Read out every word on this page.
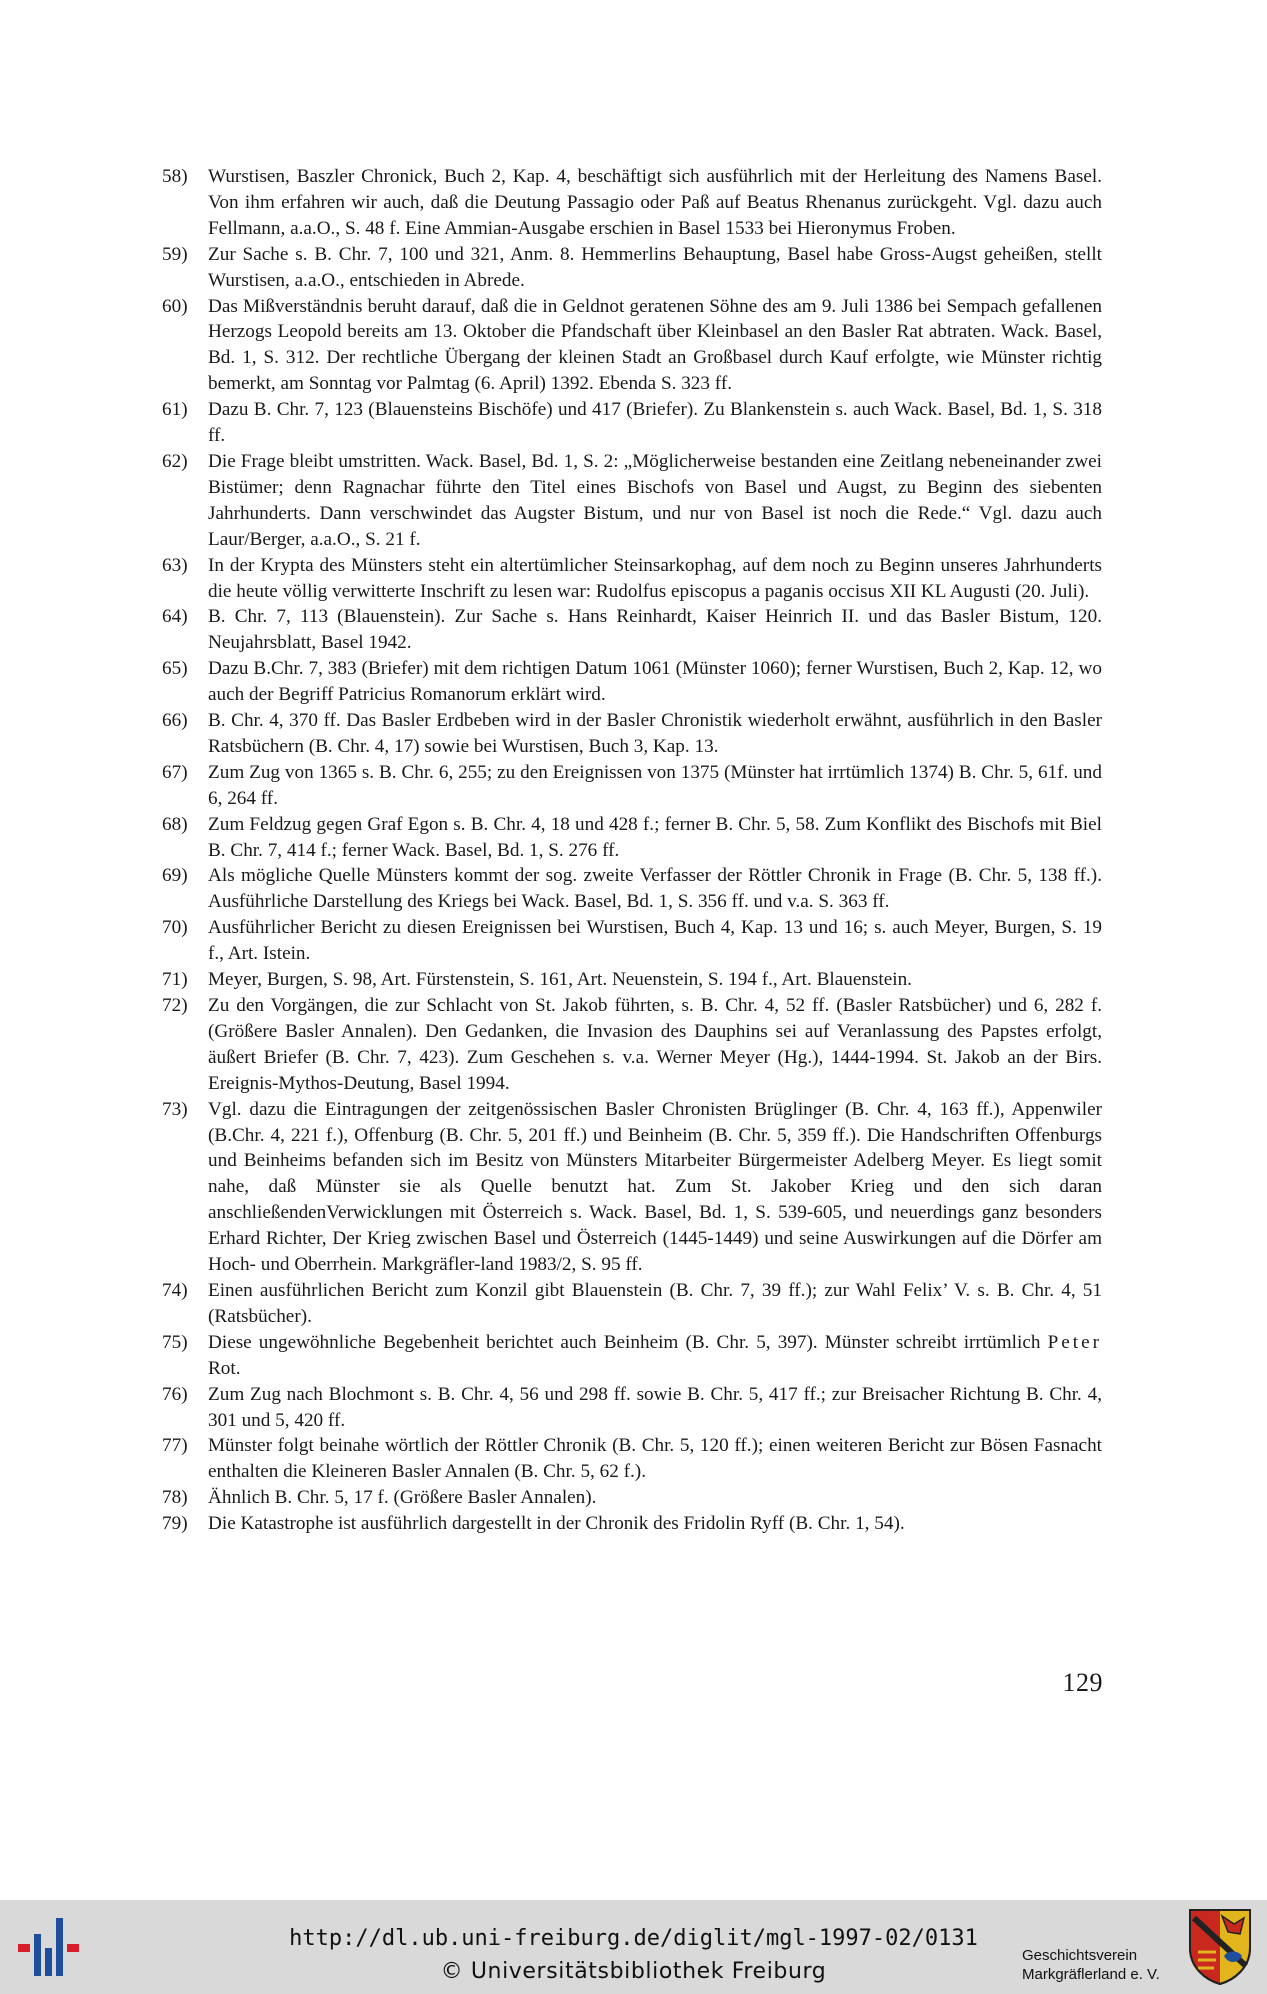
58) Wurstisen, Baszler Chronick, Buch 2, Kap. 4, beschäftigt sich ausführlich mit der Herleitung des Namens Basel. Von ihm erfahren wir auch, daß die Deutung Passagio oder Paß auf Beatus Rhenanus zurückgeht. Vgl. dazu auch Fellmann, a.a.O., S. 48 f. Eine Ammian-Ausgabe erschien in Basel 1533 bei Hieronymus Froben.

59) Zur Sache s. B. Chr. 7, 100 und 321, Anm. 8. Hemmerlins Behauptung, Basel habe Gross-Augst geheißen, stellt Wurstisen, a.a.O., entschieden in Abrede.

60) Das Mißverständnis beruht darauf, daß die in Geldnot geratenen Söhne des am 9. Juli 1386 bei Sempach gefallenen Herzogs Leopold bereits am 13. Oktober die Pfandschaft über Kleinbasel an den Basler Rat abtraten. Wack. Basel, Bd. 1, S. 312. Der rechtliche Übergang der kleinen Stadt an Großbasel durch Kauf erfolgte, wie Münster richtig bemerkt, am Sonntag vor Palmtag (6. April) 1392. Ebenda S. 323 ff.

61) Dazu B. Chr. 7, 123 (Blauensteins Bischöfe) und 417 (Briefer). Zu Blankenstein s. auch Wack. Basel, Bd. 1, S. 318 ff.

62) Die Frage bleibt umstritten. Wack. Basel, Bd. 1, S. 2: „Möglicherweise bestanden eine Zeitlang nebeneinander zwei Bistümer; denn Ragnachar führte den Titel eines Bischofs von Basel und Augst, zu Beginn des siebenten Jahrhunderts. Dann verschwindet das Augster Bistum, und nur von Basel ist noch die Rede.“ Vgl. dazu auch Laur/Berger, a.a.O., S. 21 f.

63) In der Krypta des Münsters steht ein altertümlicher Steinsarkophag, auf dem noch zu Beginn unseres Jahrhunderts die heute völlig verwitterte Inschrift zu lesen war: Rudolfus episcopus a paganis occisus XII KL Augusti (20. Juli).

64) B. Chr. 7, 113 (Blauenstein). Zur Sache s. Hans Reinhardt, Kaiser Heinrich II. und das Basler Bistum, 120. Neujahrsblatt, Basel 1942.

65) Dazu B.Chr. 7, 383 (Briefer) mit dem richtigen Datum 1061 (Münster 1060); ferner Wurstisen, Buch 2, Kap. 12, wo auch der Begriff Patricius Romanorum erklärt wird.

66) B. Chr. 4, 370 ff. Das Basler Erdbeben wird in der Basler Chronistik wiederholt erwähnt, ausführlich in den Basler Ratsbüchern (B. Chr. 4, 17) sowie bei Wurstisen, Buch 3, Kap. 13.

67) Zum Zug von 1365 s. B. Chr. 6, 255; zu den Ereignissen von 1375 (Münster hat irrtümlich 1374) B. Chr. 5, 61f. und 6, 264 ff.

68) Zum Feldzug gegen Graf Egon s. B. Chr. 4, 18 und 428 f.; ferner B. Chr. 5, 58. Zum Konflikt des Bischofs mit Biel B. Chr. 7, 414 f.; ferner Wack. Basel, Bd. 1, S. 276 ff.

69) Als mögliche Quelle Münsters kommt der sog. zweite Verfasser der Röttler Chronik in Frage (B. Chr. 5, 138 ff.). Ausführliche Darstellung des Kriegs bei Wack. Basel, Bd. 1, S. 356 ff. und v.a. S. 363 ff.

70) Ausführlicher Bericht zu diesen Ereignissen bei Wurstisen, Buch 4, Kap. 13 und 16; s. auch Meyer, Burgen, S. 19 f., Art. Istein.

71) Meyer, Burgen, S. 98, Art. Fürstenstein, S. 161, Art. Neuenstein, S. 194 f., Art. Blauenstein.

72) Zu den Vorgängen, die zur Schlacht von St. Jakob führten, s. B. Chr. 4, 52 ff. (Basler Ratsbücher) und 6, 282 f. (Größere Basler Annalen). Den Gedanken, die Invasion des Dauphins sei auf Veranlassung des Papstes erfolgt, äußert Briefer (B. Chr. 7, 423). Zum Geschehen s. v.a. Werner Meyer (Hg.), 1444-1994. St. Jakob an der Birs. Ereignis-Mythos-Deutung, Basel 1994.

73) Vgl. dazu die Eintragungen der zeitgenössischen Basler Chronisten Brüglinger (B. Chr. 4, 163 ff.), Appenwiler (B.Chr. 4, 221 f.), Offenburg (B. Chr. 5, 201 ff.) und Beinheim (B. Chr. 5, 359 ff.). Die Handschriften Offenburgs und Beinheims befanden sich im Besitz von Münsters Mitarbeiter Bürgermeister Adelberg Meyer. Es liegt somit nahe, daß Münster sie als Quelle benutzt hat. Zum St. Jakober Krieg und den sich daran anschließendenVerwicklungen mit Österreich s. Wack. Basel, Bd. 1, S. 539-605, und neuerdings ganz besonders Erhard Richter, Der Krieg zwischen Basel und Österreich (1445-1449) und seine Auswirkungen auf die Dörfer am Hoch- und Oberrhein. Markgräfler-land 1983/2, S. 95 ff.

74) Einen ausführlichen Bericht zum Konzil gibt Blauenstein (B. Chr. 7, 39 ff.); zur Wahl Felix’ V. s. B. Chr. 4, 51 (Ratsbücher).

75) Diese ungewöhnliche Begebenheit berichtet auch Beinheim (B. Chr. 5, 397). Münster schreibt irrtümlich Peter Rot.

76) Zum Zug nach Blochmont s. B. Chr. 4, 56 und 298 ff. sowie B. Chr. 5, 417 ff.; zur Breisacher Richtung B. Chr. 4, 301 und 5, 420 ff.

77) Münster folgt beinahe wörtlich der Röttler Chronik (B. Chr. 5, 120 ff.); einen weiteren Bericht zur Bösen Fasnacht enthalten die Kleineren Basler Annalen (B. Chr. 5, 62 f.).

78) Ähnlich B. Chr. 5, 17 f. (Größere Basler Annalen).

79) Die Katastrophe ist ausführlich dargestellt in der Chronik des Fridolin Ryff (B. Chr. 1, 54).

129
http://dl.ub.uni-freiburg.de/diglit/mgl-1997-02/0131
© Universitätsbibliothek Freiburg
Geschichtsverein
Markgräflerland e. V.
